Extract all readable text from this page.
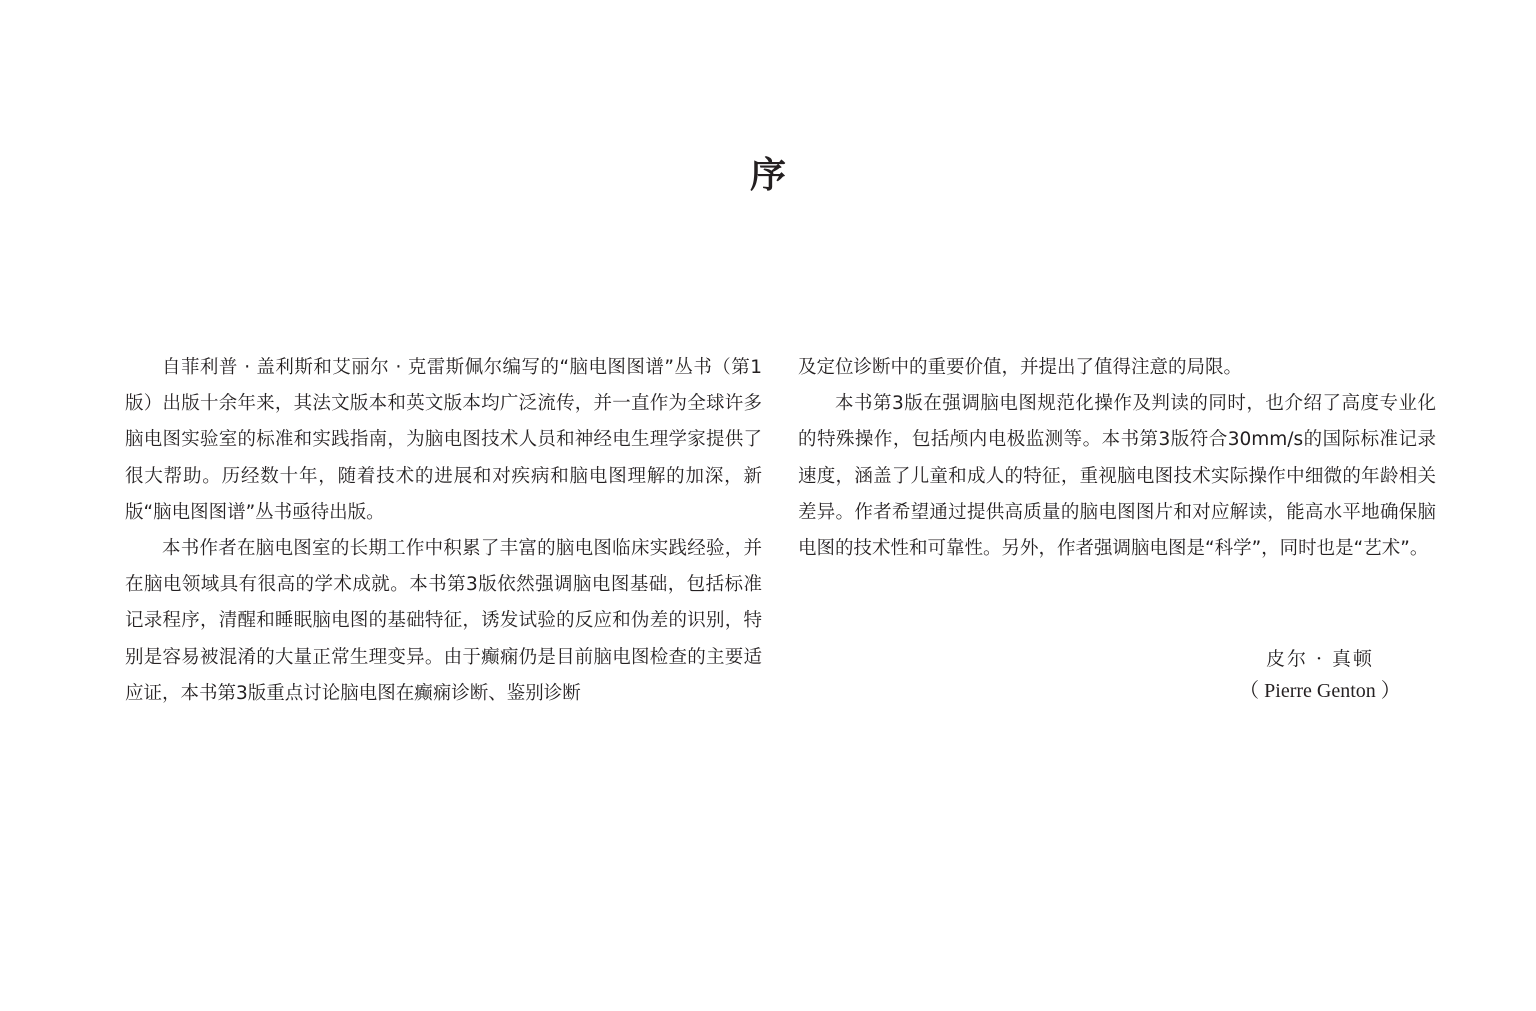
序

自菲利普 · 盖利斯和艾丽尔 · 克雷斯佩尔编写的“脑电图图谱”丛书（第1版）出版十余年来，其法文版本和英文版本均广泛流传，并一直作为全球许多脑电图实验室的标准和实践指南，为脑电图技术人员和神经电生理学家提供了很大帮助。历经数十年，随着技术的进展和对疾病和脑电图理解的加深，新版“脑电图图谱”丛书亟待出版。

本书作者在脑电图室的长期工作中积累了丰富的脑电图临床实践经验，并在脑电领域具有很高的学术成就。本书第3版依然强调脑电图基础，包括标准记录程序，清醒和睡眠脑电图的基础特征，诱发试验的反应和伪差的识别，特别是容易被混淆的大量正常生理变异。由于癫痫仍是目前脑电图检查的主要适应证，本书第3版重点讨论脑电图在癫痫诊断、鉴别诊断

及定位诊断中的重要价值，并提出了值得注意的局限。

本书第3版在强调脑电图规范化操作及判读的同时，也介绍了高度专业化的特殊操作，包括颅内电极监测等。本书第3版符合30mm/s的国际标准记录速度，涵盖了儿童和成人的特征，重视脑电图技术实际操作中细微的年龄相关差异。作者希望通过提供高质量的脑电图图片和对应解读，能高水平地确保脑电图的技术性和可靠性。另外，作者强调脑电图是“科学”，同时也是“艺术”。

皮尔 · 真顿
（ Pierre Genton ）
